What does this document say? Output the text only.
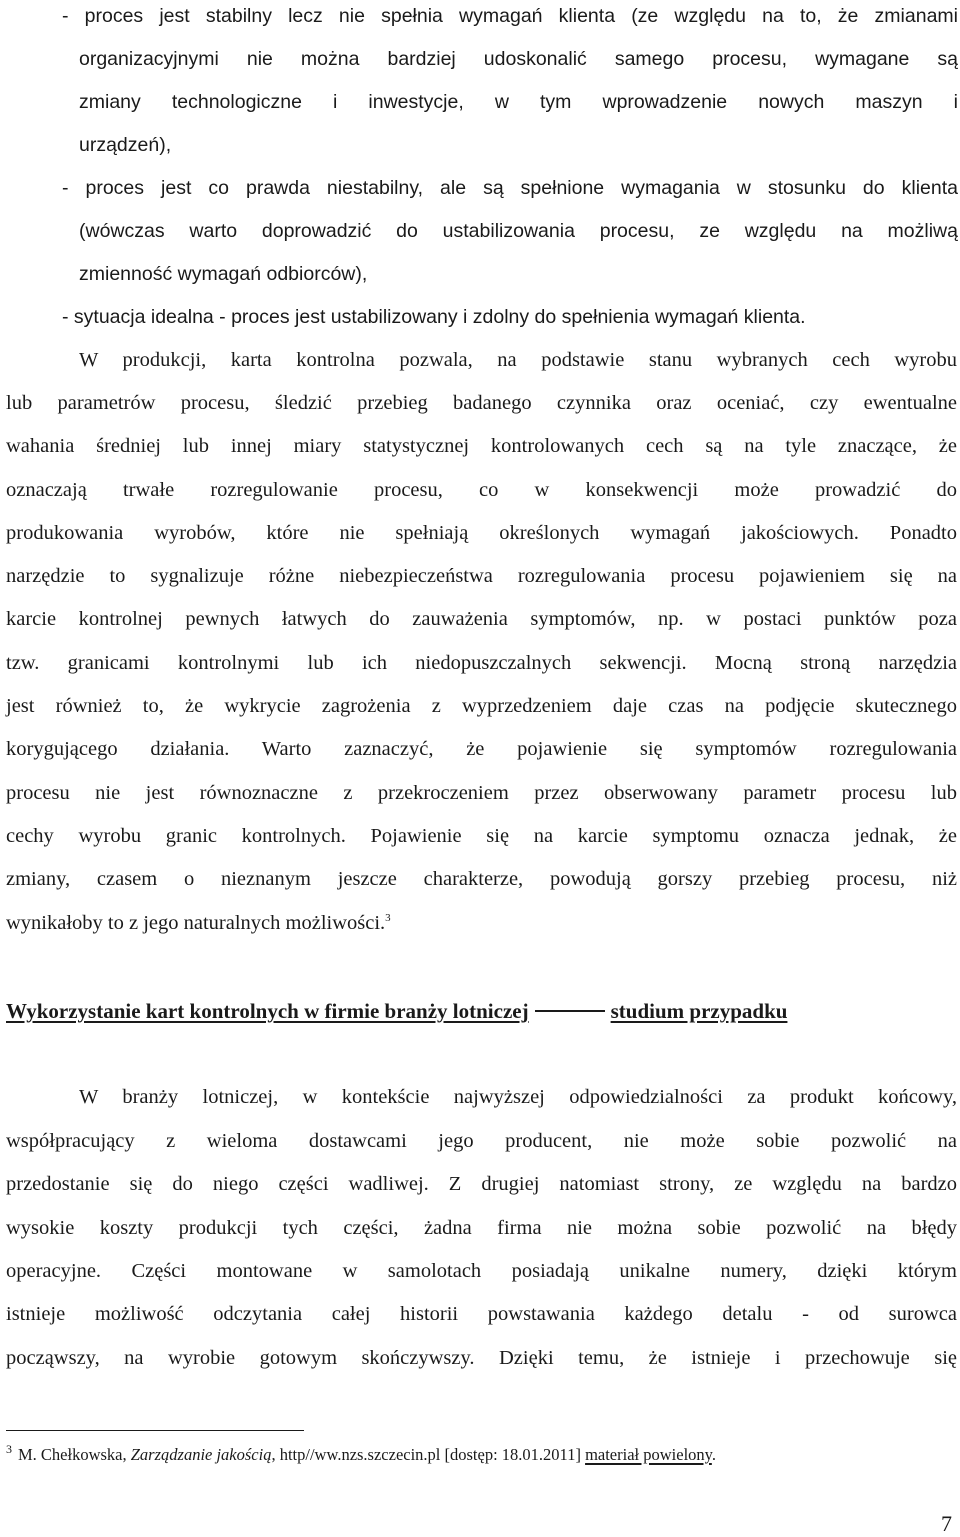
- proces jest stabilny lecz nie spełnia wymagań klienta (ze względu na to, że zmianami
organizacyjnymi nie można bardziej udoskonalić samego procesu, wymagane są
zmiany technologiczne i inwestycje, w tym wprowadzenie nowych maszyn i
urządzeń),
- proces jest co prawda niestabilny, ale są spełnione wymagania w stosunku do klienta
(wówczas warto doprowadzić do ustabilizowania procesu, ze względu na możliwą
zmienność wymagań odbiorców),
- sytuacja idealna - proces jest ustabilizowany i zdolny do spełnienia wymagań klienta.
W produkcji, karta kontrolna pozwala, na podstawie stanu wybranych cech wyrobu
lub parametrów procesu, śledzić przebieg badanego czynnika oraz oceniać, czy ewentualne
wahania średniej lub innej miary statystycznej kontrolowanych cech są na tyle znaczące, że
oznaczają trwałe rozregulowanie procesu, co w konsekwencji może prowadzić do
produkowania wyrobów, które nie spełniają określonych wymagań jakościowych. Ponadto
narzędzie to sygnalizuje różne niebezpieczeństwa rozregulowania procesu pojawieniem się na
karcie kontrolnej pewnych łatwych do zauważenia symptomów, np. w postaci punktów poza
tzw. granicami kontrolnymi lub ich niedopuszczalnych sekwencji. Mocną stroną narzędzia
jest również to, że wykrycie zagrożenia z wyprzedzeniem daje czas na podjęcie skutecznego
korygującego działania. Warto zaznaczyć, że pojawienie się symptomów rozregulowania
procesu nie jest równoznaczne z przekroczeniem przez obserwowany parametr procesu lub
cechy wyrobu granic kontrolnych. Pojawienie się na karcie symptomu oznacza jednak, że
zmiany, czasem o nieznanym jeszcze charakterze, powodują gorszy przebieg procesu, niż
wynikałoby to z jego naturalnych możliwości.$^3$
Wykorzystanie kart kontrolnych w firmie branży lotniczej	studium przypadku
W branży lotniczej, w kontekście najwyższej odpowiedzialności za produkt końcowy,
współpracujący z wieloma dostawcami jego producent, nie może sobie pozwolić na
przedostanie się do niego części wadliwej. Z drugiej natomiast strony, ze względu na bardzo
wysokie koszty produkcji tych części, żadna firma nie można sobie pozwolić na błędy
operacyjne. Części montowane w samolotach posiadają unikalne numery, dzięki którym
istnieje możliwość odczytania całej historii powstawania każdego detalu - od surowca
począwszy, na wyrobie gotowym skończywszy. Dzięki temu, że istnieje i przechowuje się
$^3$ M. Chełkowska, Zarządzanie jakością, http//ww.nzs.szczecin.pl [dostęp: 18.01.2011] materiał powielony.
7
